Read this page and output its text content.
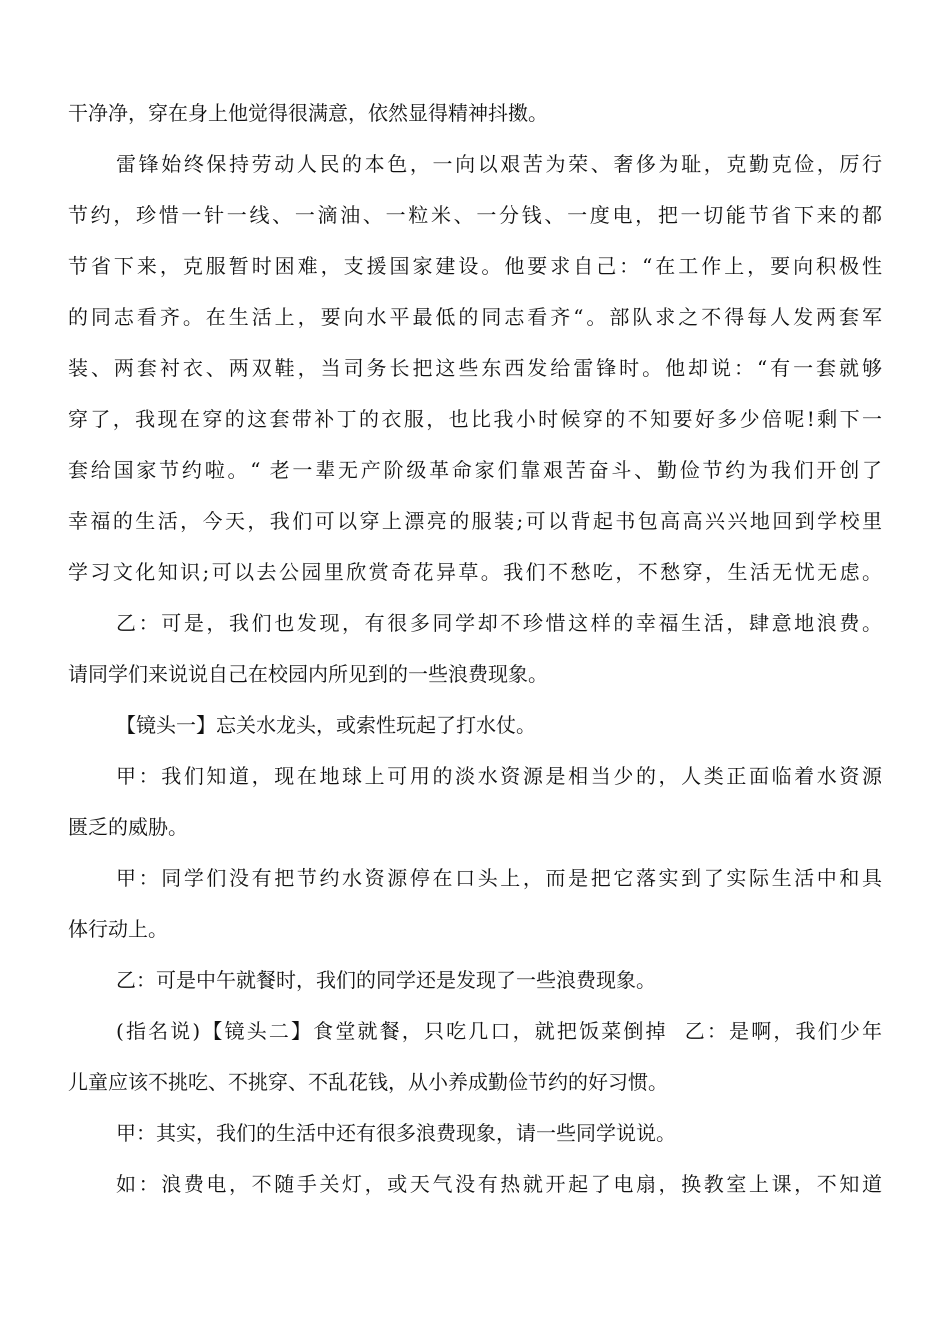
干净净，穿在身上他觉得很满意，依然显得精神抖擞。

雷锋始终保持劳动人民的本色，一向以艰苦为荣、奢侈为耻，克勤克俭，厉行

节约，珍惜一针一线、一滴油、一粒米、一分钱、一度电，把一切能节省下来的都

节省下来，克服暂时困难，支援国家建设。他要求自己：“在工作上，要向积极性

的同志看齐。在生活上，要向水平最低的同志看齐“。部队求之不得每人发两套军

装、两套衬衣、两双鞋，当司务长把这些东西发给雷锋时。他却说：“有一套就够

穿了，我现在穿的这套带补丁的衣服，也比我小时候穿的不知要好多少倍呢!剩下一

套给国家节约啦。“ 老一辈无产阶级革命家们靠艰苦奋斗、勤俭节约为我们开创了

幸福的生活，今天，我们可以穿上漂亮的服装;可以背起书包高高兴兴地回到学校里

学习文化知识;可以去公园里欣赏奇花异草。我们不愁吃，不愁穿，生活无忧无虑。

乙：可是，我们也发现，有很多同学却不珍惜这样的幸福生活，肆意地浪费。

请同学们来说说自己在校园内所见到的一些浪费现象。

【镜头一】忘关水龙头，或索性玩起了打水仗。

甲：我们知道，现在地球上可用的淡水资源是相当少的，人类正面临着水资源

匮乏的威胁。

甲：同学们没有把节约水资源停在口头上，而是把它落实到了实际生活中和具

体行动上。

乙：可是中午就餐时，我们的同学还是发现了一些浪费现象。

(指名说)【镜头二】食堂就餐，只吃几口，就把饭菜倒掉  乙：是啊，我们少年

儿童应该不挑吃、不挑穿、不乱花钱，从小养成勤俭节约的好习惯。

甲：其实，我们的生活中还有很多浪费现象，请一些同学说说。

如：浪费电，不随手关灯，或天气没有热就开起了电扇，换教室上课，不知道
